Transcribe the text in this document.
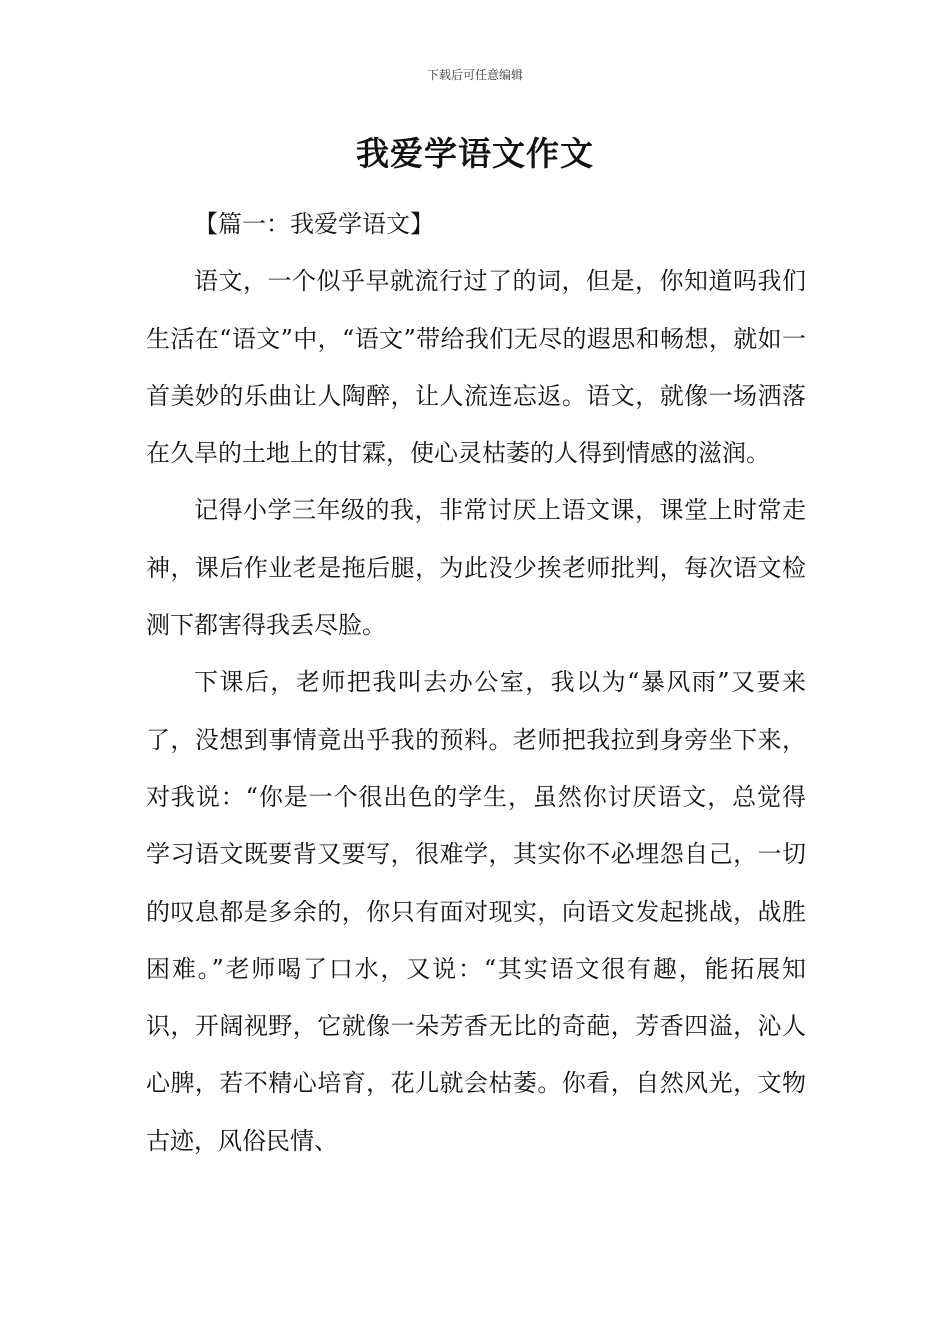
下载后可任意编辑
我爱学语文作文

【篇一：我爱学语文】

语文，一个似乎早就流行过了的词，但是，你知道吗我们生活在“语文”中，“语文”带给我们无尽的遐思和畅想，就如一首美妙的乐曲让人陶醉，让人流连忘返。语文，就像一场洒落在久旱的土地上的甘霖，使心灵枯萎的人得到情感的滋润。

记得小学三年级的我，非常讨厌上语文课，课堂上时常走神，课后作业老是拖后腿，为此没少挨老师批判，每次语文检测下都害得我丢尽脸。

下课后，老师把我叫去办公室，我以为“暴风雨”又要来了，没想到事情竟出乎我的预料。老师把我拉到身旁坐下来，对我说：“你是一个很出色的学生，虽然你讨厌语文，总觉得学习语文既要背又要写，很难学，其实你不必埋怨自己，一切的叹息都是多余的，你只有面对现实，向语文发起挑战，战胜困难。”老师喝了口水，又说：“其实语文很有趣，能拓展知识，开阔视野，它就像一朵芳香无比的奇葩，芳香四溢，沁人心脾，若不精心培育，花儿就会枯萎。你看，自然风光，文物古迹，风俗民情、
